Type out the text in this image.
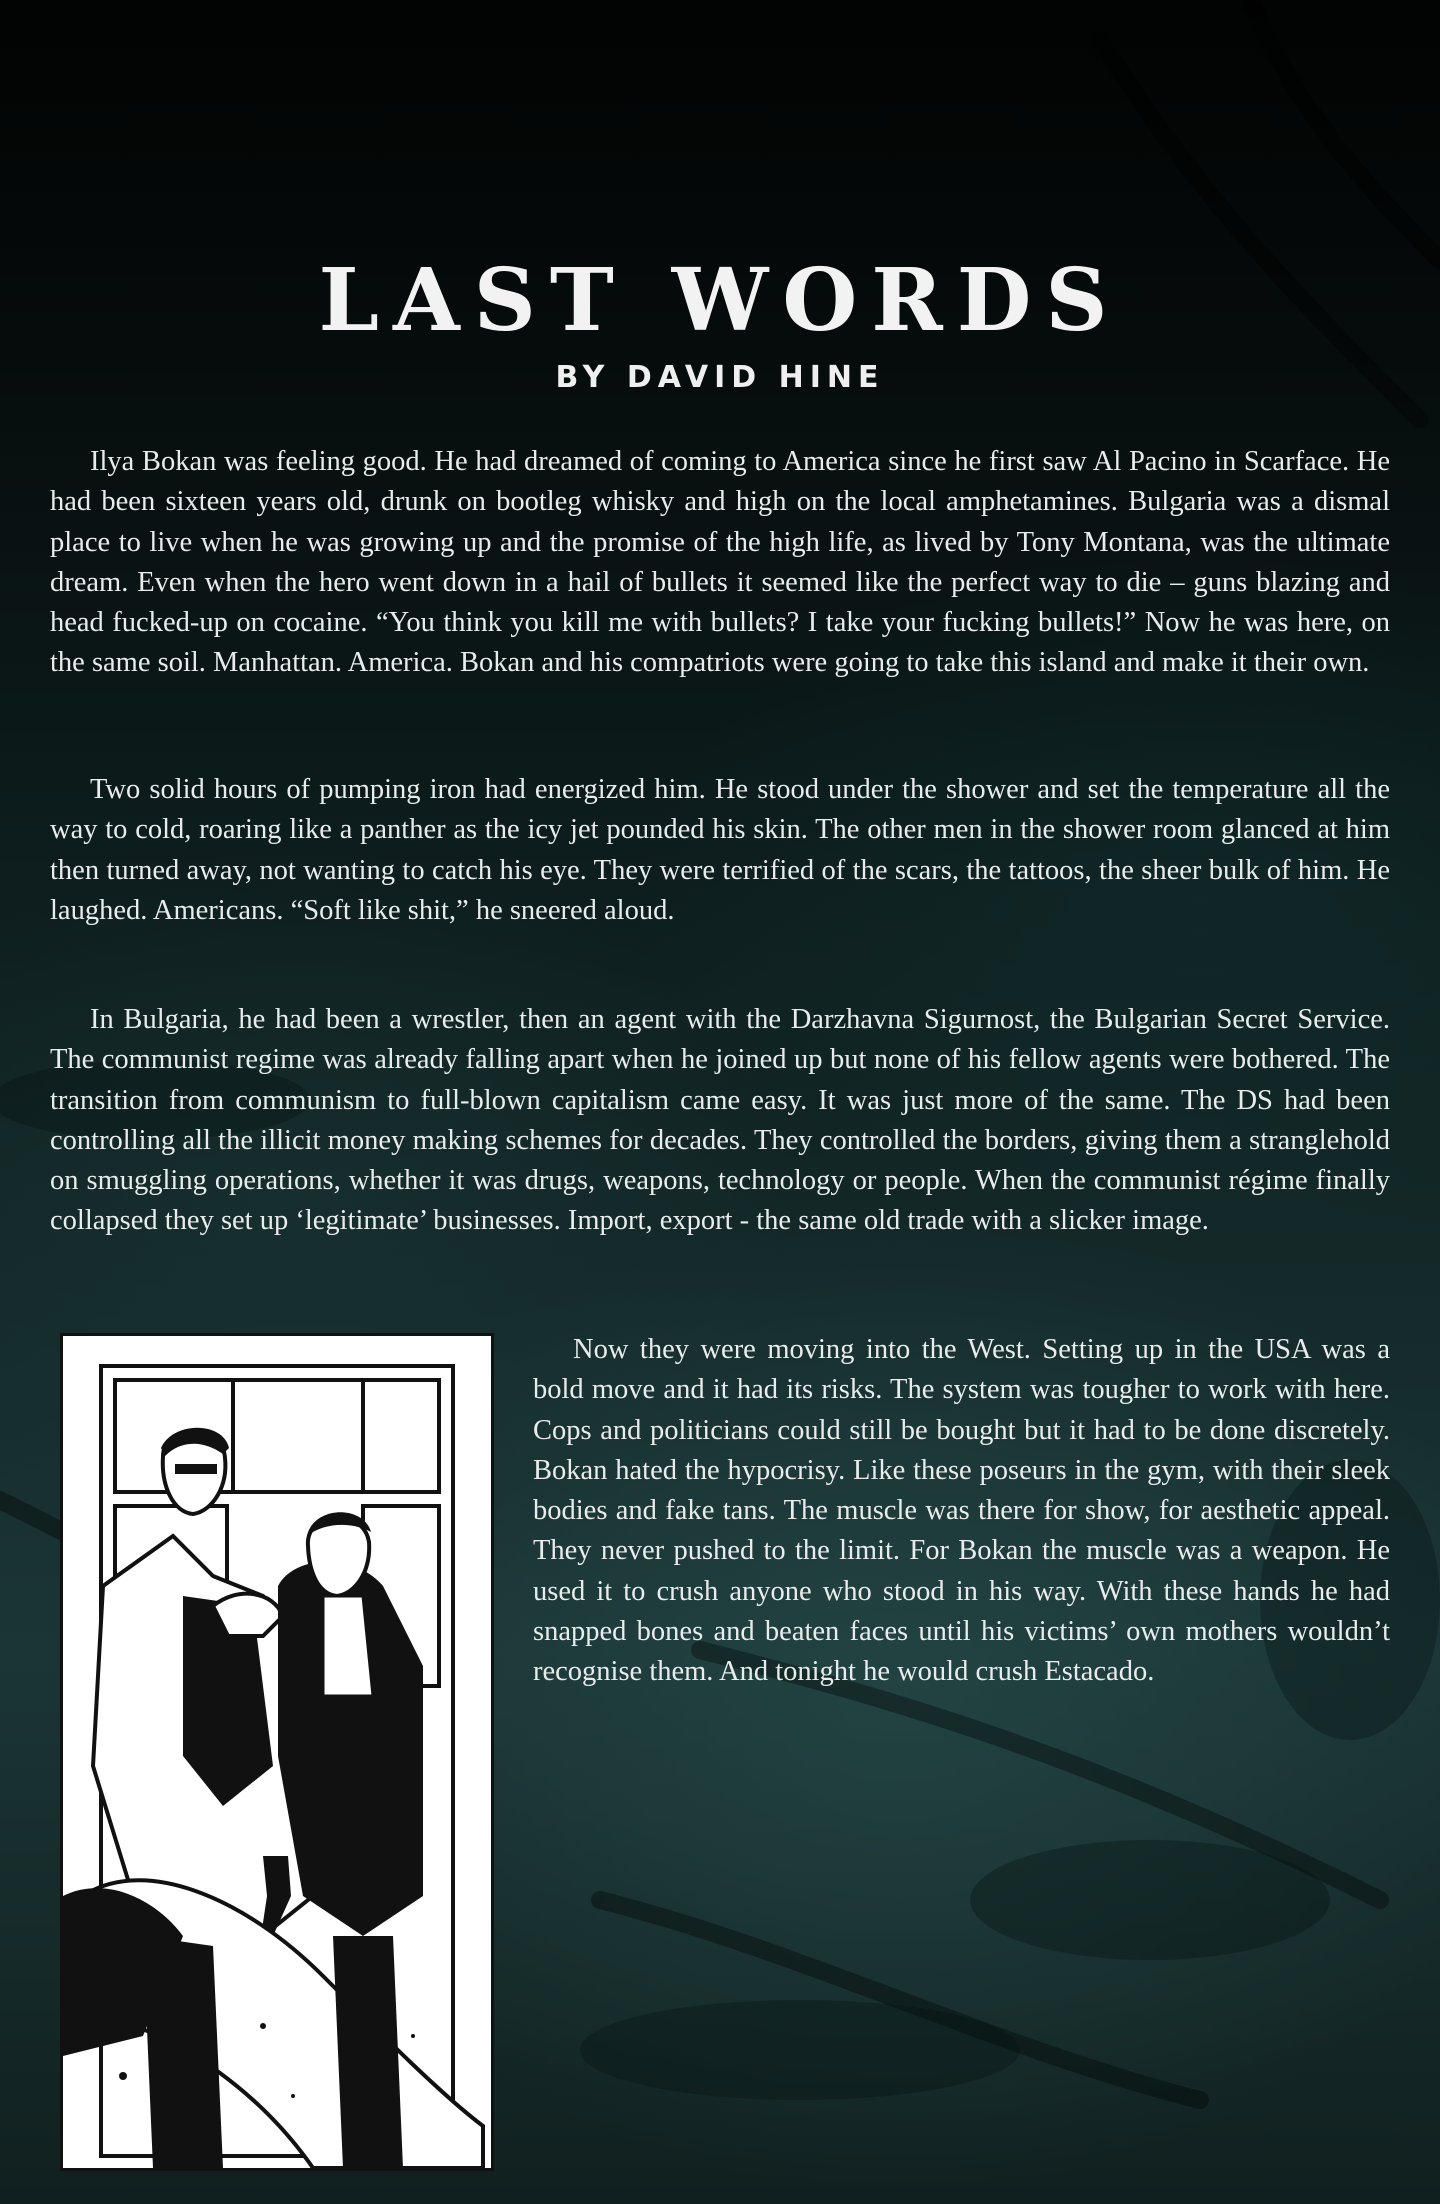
LAST WORDS
BY DAVID HINE

Ilya Bokan was feeling good. He had dreamed of coming to America since he first saw Al Pacino in Scarface. He had been sixteen years old, drunk on bootleg whisky and high on the local amphetamines. Bulgaria was a dismal place to live when he was growing up and the promise of the high life, as lived by Tony Montana, was the ultimate dream. Even when the hero went down in a hail of bullets it seemed like the perfect way to die – guns blazing and head fucked-up on cocaine. “You think you kill me with bullets? I take your fucking bullets!” Now he was here, on the same soil. Manhattan. America. Bokan and his compatriots were going to take this island and make it their own.

Two solid hours of pumping iron had energized him. He stood under the shower and set the temperature all the way to cold, roaring like a panther as the icy jet pounded his skin. The other men in the shower room glanced at him then turned away, not wanting to catch his eye. They were terrified of the scars, the tattoos, the sheer bulk of him. He laughed. Americans. “Soft like shit,” he sneered aloud.

In Bulgaria, he had been a wrestler, then an agent with the Darzhavna Sigurnost, the Bulgarian Secret Service. The communist regime was already falling apart when he joined up but none of his fellow agents were bothered. The transition from communism to full-blown capitalism came easy. It was just more of the same. The DS had been controlling all the illicit money making schemes for decades. They controlled the borders, giving them a stranglehold on smuggling operations, whether it was drugs, weapons, technology or people. When the communist régime finally collapsed they set up ‘legitimate’ businesses. Import, export - the same old trade with a slicker image.

Now they were moving into the West. Setting up in the USA was a bold move and it had its risks. The system was tougher to work with here. Cops and politicians could still be bought but it had to be done discretely. Bokan hated the hypocrisy. Like these poseurs in the gym, with their sleek bodies and fake tans. The muscle was there for show, for aesthetic appeal. They never pushed to the limit. For Bokan the muscle was a weapon. He used it to crush anyone who stood in his way. With these hands he had snapped bones and beaten faces until his victims’ own mothers wouldn’t recognise them. And tonight he would crush Estacado.
